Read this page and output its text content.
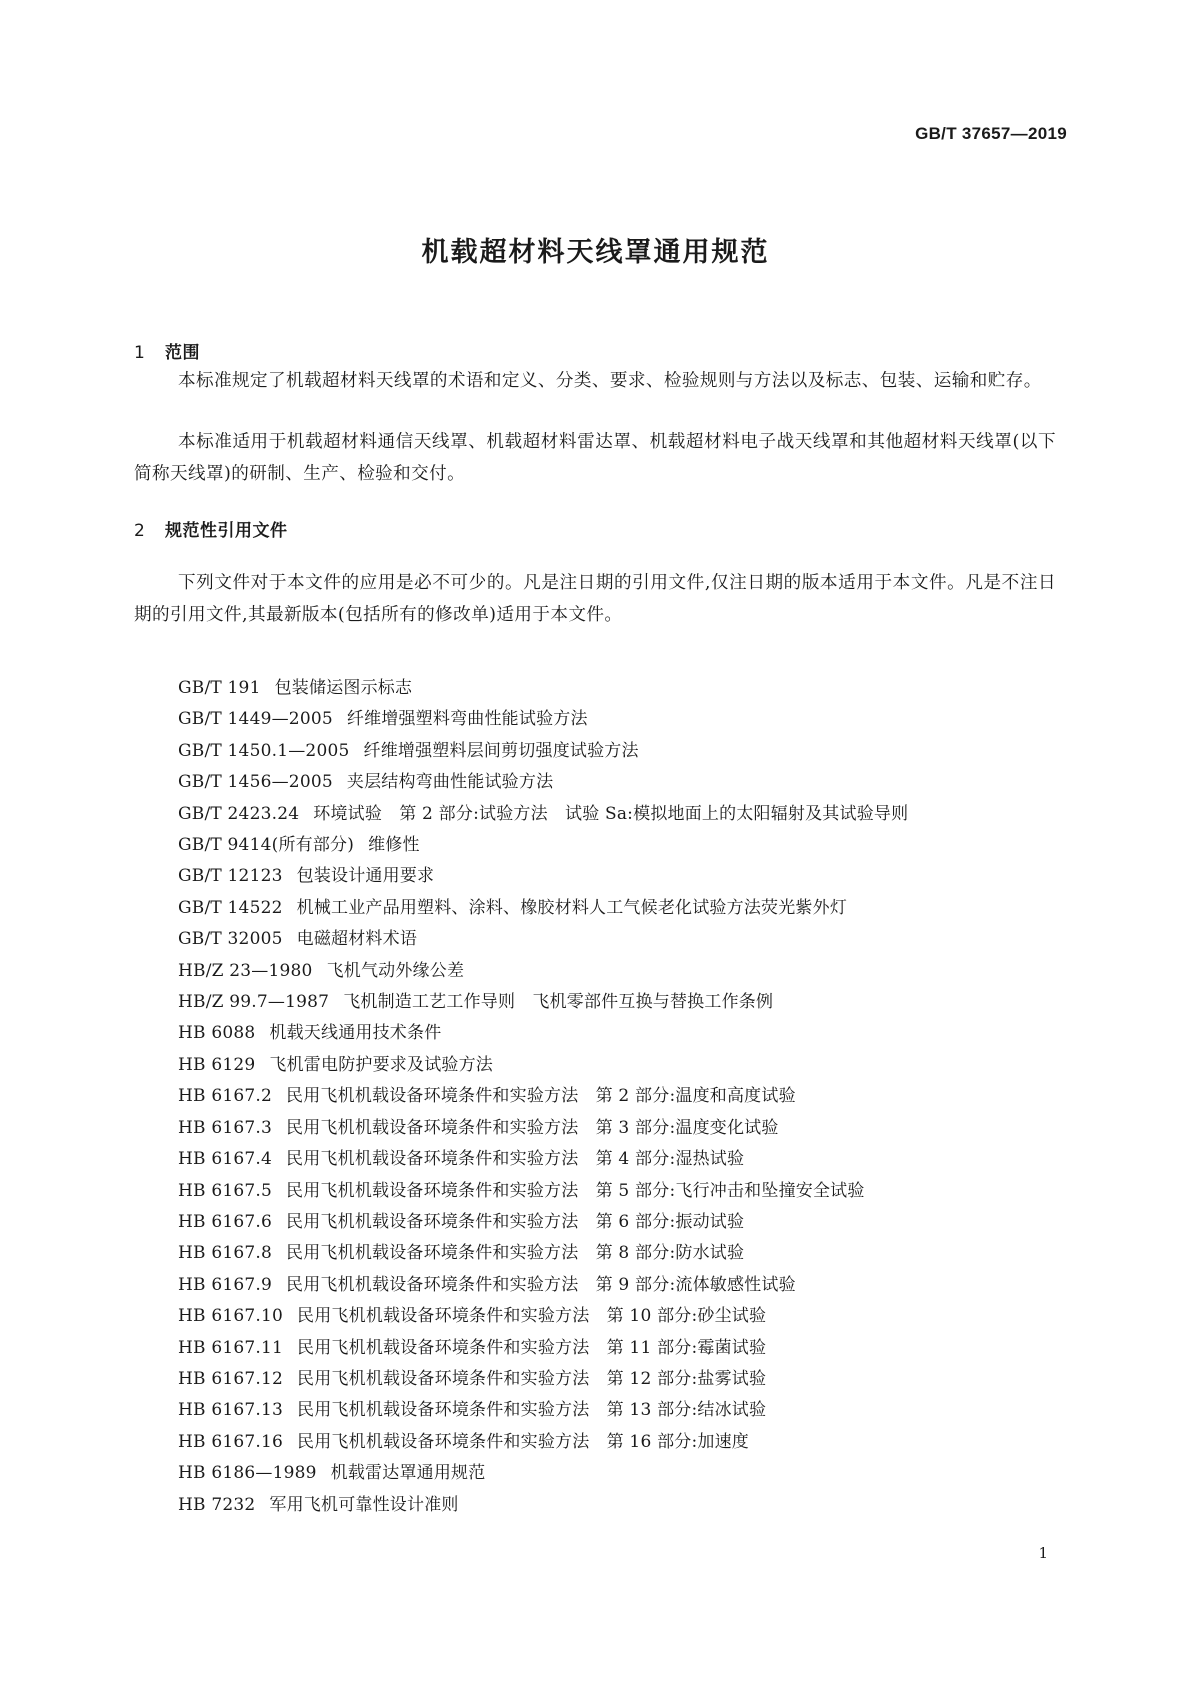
GB/T 37657—2019
机载超材料天线罩通用规范
1 范围

本标准规定了机载超材料天线罩的术语和定义、分类、要求、检验规则与方法以及标志、包装、运输和贮存。

本标准适用于机载超材料通信天线罩、机载超材料雷达罩、机载超材料电子战天线罩和其他超材料天线罩(以下简称天线罩)的研制、生产、检验和交付。

2 规范性引用文件

下列文件对于本文件的应用是必不可少的。凡是注日期的引用文件,仅注日期的版本适用于本文件。凡是不注日期的引用文件,其最新版本(包括所有的修改单)适用于本文件。

GB/T 191 包装储运图示标志
GB/T 1449—2005 纤维增强塑料弯曲性能试验方法
GB/T 1450.1—2005 纤维增强塑料层间剪切强度试验方法
GB/T 1456—2005 夹层结构弯曲性能试验方法
GB/T 2423.24 环境试验　第 2 部分:试验方法　试验 Sa:模拟地面上的太阳辐射及其试验导则
GB/T 9414(所有部分) 维修性
GB/T 12123 包装设计通用要求
GB/T 14522 机械工业产品用塑料、涂料、橡胶材料人工气候老化试验方法荧光紫外灯
GB/T 32005 电磁超材料术语
HB/Z 23—1980 飞机气动外缘公差
HB/Z 99.7—1987 飞机制造工艺工作导则　飞机零部件互换与替换工作条例
HB 6088 机载天线通用技术条件
HB 6129 飞机雷电防护要求及试验方法
HB 6167.2 民用飞机机载设备环境条件和实验方法　第 2 部分:温度和高度试验
HB 6167.3 民用飞机机载设备环境条件和实验方法　第 3 部分:温度变化试验
HB 6167.4 民用飞机机载设备环境条件和实验方法　第 4 部分:湿热试验
HB 6167.5 民用飞机机载设备环境条件和实验方法　第 5 部分:飞行冲击和坠撞安全试验
HB 6167.6 民用飞机机载设备环境条件和实验方法　第 6 部分:振动试验
HB 6167.8 民用飞机机载设备环境条件和实验方法　第 8 部分:防水试验
HB 6167.9 民用飞机机载设备环境条件和实验方法　第 9 部分:流体敏感性试验
HB 6167.10 民用飞机机载设备环境条件和实验方法　第 10 部分:砂尘试验
HB 6167.11 民用飞机机载设备环境条件和实验方法　第 11 部分:霉菌试验
HB 6167.12 民用飞机机载设备环境条件和实验方法　第 12 部分:盐雾试验
HB 6167.13 民用飞机机载设备环境条件和实验方法　第 13 部分:结冰试验
HB 6167.16 民用飞机机载设备环境条件和实验方法　第 16 部分:加速度
HB 6186—1989 机载雷达罩通用规范
HB 7232 军用飞机可靠性设计准则
1
